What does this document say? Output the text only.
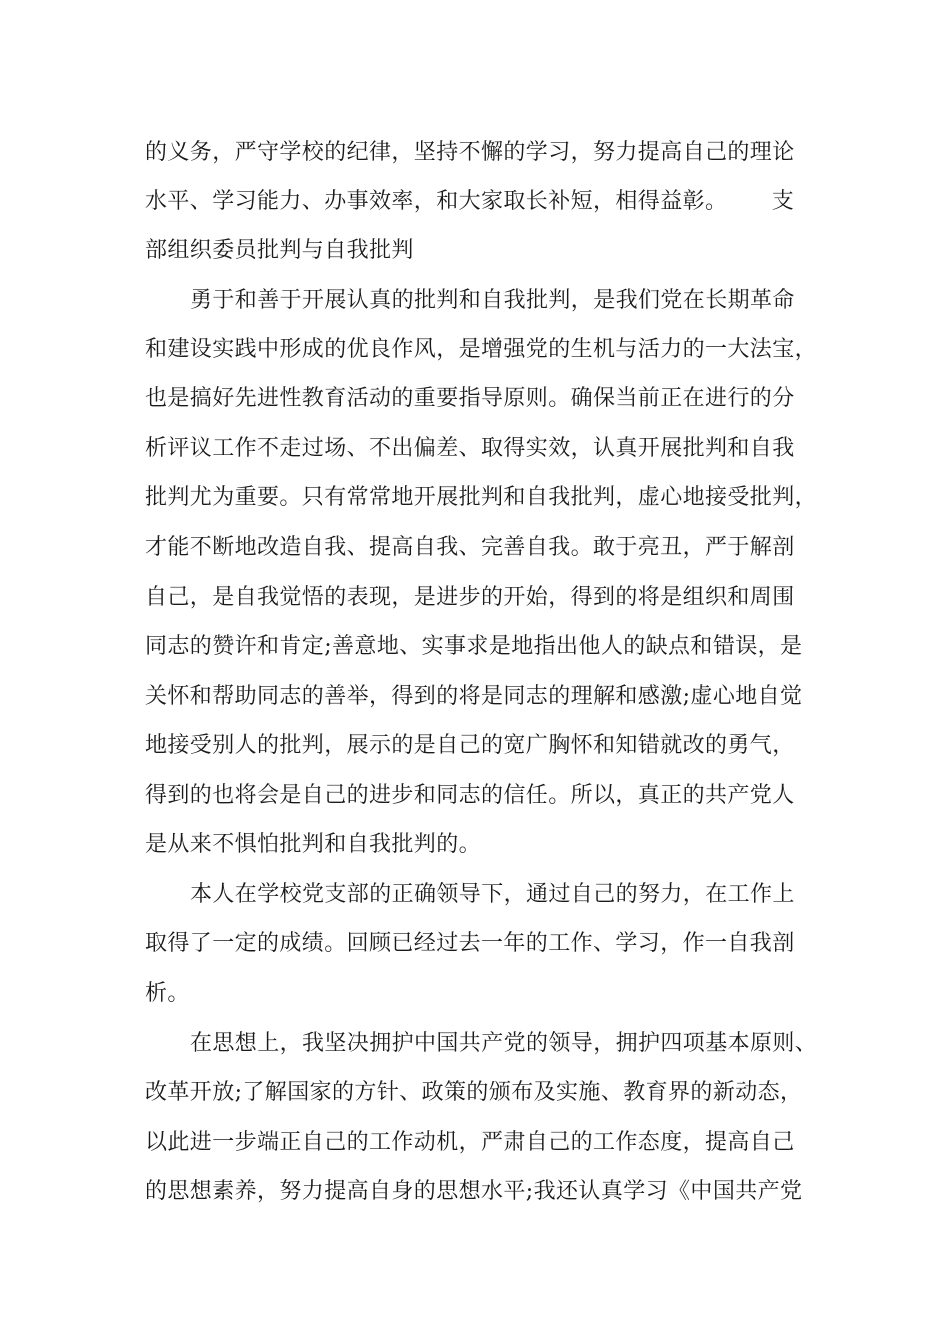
的义务，严守学校的纪律，坚持不懈的学习，努力提高自己的理论

水平、学习能力、办事效率，和大家取长补短，相得益彰。      支

部组织委员批判与自我批判

勇于和善于开展认真的批判和自我批判，是我们党在长期革命

和建设实践中形成的优良作风，是增强党的生机与活力的一大法宝，

也是搞好先进性教育活动的重要指导原则。确保当前正在进行的分

析评议工作不走过场、不出偏差、取得实效，认真开展批判和自我

批判尤为重要。只有常常地开展批判和自我批判，虚心地接受批判，

才能不断地改造自我、提高自我、完善自我。敢于亮丑，严于解剖

自己，是自我觉悟的表现，是进步的开始，得到的将是组织和周围

同志的赞许和肯定;善意地、实事求是地指出他人的缺点和错误，是

关怀和帮助同志的善举，得到的将是同志的理解和感激;虚心地自觉

地接受别人的批判，展示的是自己的宽广胸怀和知错就改的勇气，

得到的也将会是自己的进步和同志的信任。所以，真正的共产党人

是从来不惧怕批判和自我批判的。

本人在学校党支部的正确领导下，通过自己的努力，在工作上

取得了一定的成绩。回顾已经过去一年的工作、学习，作一自我剖

析。

在思想上，我坚决拥护中国共产党的领导，拥护四项基本原则、

改革开放;了解国家的方针、政策的颁布及实施、教育界的新动态，

以此进一步端正自己的工作动机，严肃自己的工作态度，提高自己

的思想素养，努力提高自身的思想水平;我还认真学习《中国共产党
